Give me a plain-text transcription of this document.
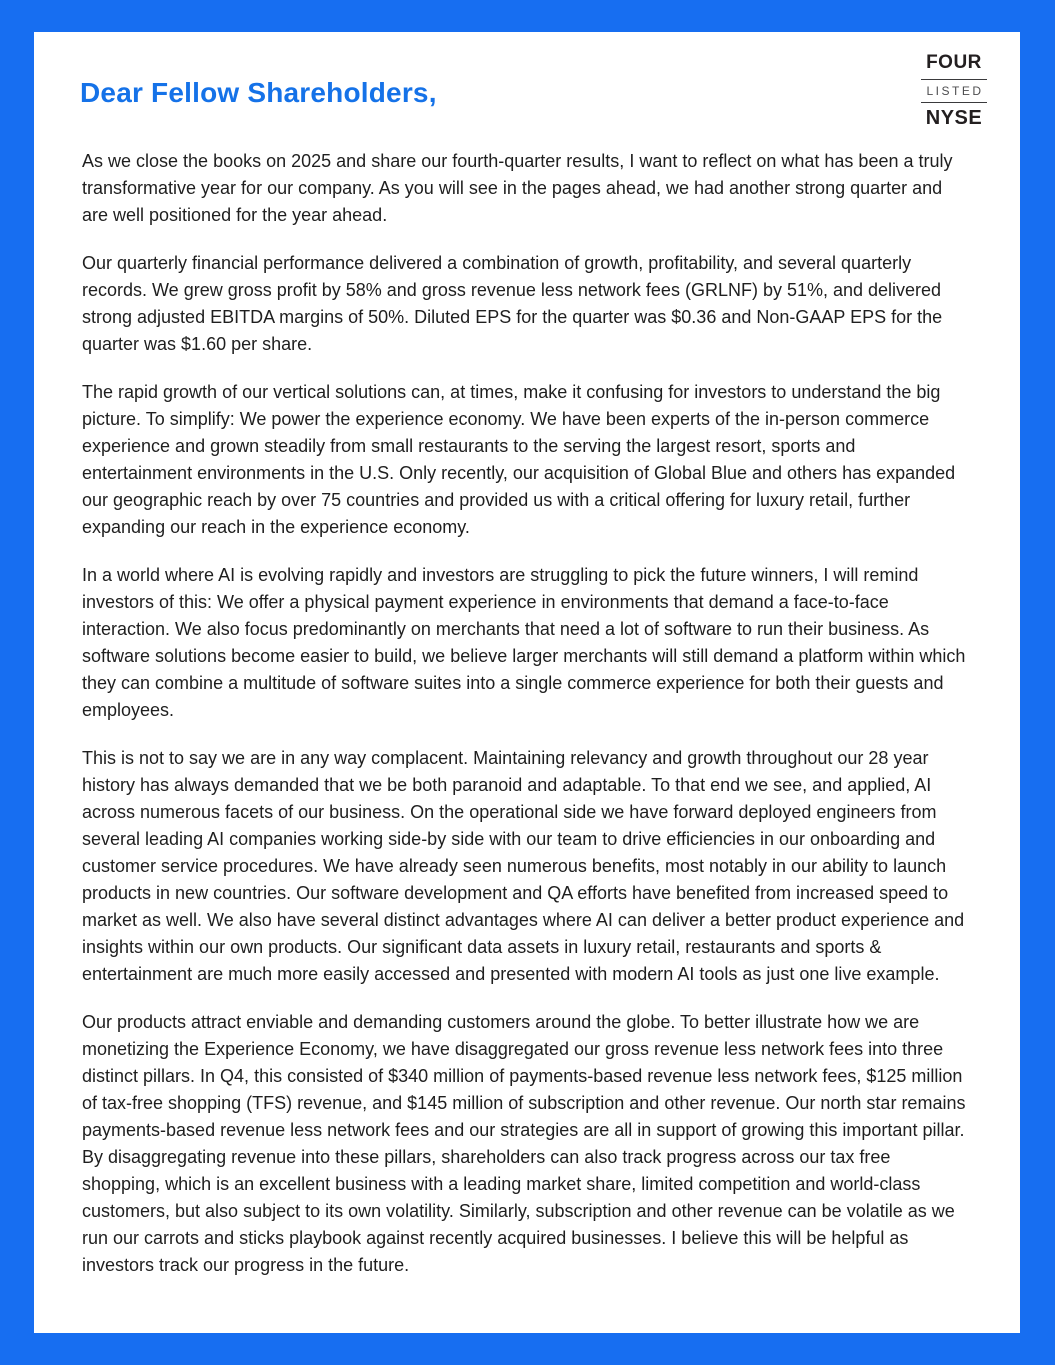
Dear Fellow Shareholders,
FOUR
LISTED
NYSE

As we close the books on 2025 and share our fourth-quarter results, I want to reflect on what has been a truly transformative year for our company. As you will see in the pages ahead, we had another strong quarter and are well positioned for the year ahead.

Our quarterly financial performance delivered a combination of growth, profitability, and several quarterly records. We grew gross profit by 58% and gross revenue less network fees (GRLNF) by 51%, and delivered strong adjusted EBITDA margins of 50%. Diluted EPS for the quarter was $0.36 and Non-GAAP EPS for the quarter was $1.60 per share.

The rapid growth of our vertical solutions can, at times, make it confusing for investors to understand the big picture. To simplify: We power the experience economy. We have been experts of the in-person commerce experience and grown steadily from small restaurants to the serving the largest resort, sports and entertainment environments in the U.S. Only recently, our acquisition of Global Blue and others has expanded our geographic reach by over 75 countries and provided us with a critical offering for luxury retail, further expanding our reach in the experience economy.

In a world where AI is evolving rapidly and investors are struggling to pick the future winners, I will remind investors of this: We offer a physical payment experience in environments that demand a face-to-face interaction. We also focus predominantly on merchants that need a lot of software to run their business. As software solutions become easier to build, we believe larger merchants will still demand a platform within which they can combine a multitude of software suites into a single commerce experience for both their guests and employees.

This is not to say we are in any way complacent. Maintaining relevancy and growth throughout our 28 year history has always demanded that we be both paranoid and adaptable. To that end we see, and applied, AI across numerous facets of our business. On the operational side we have forward deployed engineers from several leading AI companies working side-by side with our team to drive efficiencies in our onboarding and customer service procedures. We have already seen numerous benefits, most notably in our ability to launch products in new countries. Our software development and QA efforts have benefited from increased speed to market as well. We also have several distinct advantages where AI can deliver a better product experience and insights within our own products. Our significant data assets in luxury retail, restaurants and sports & entertainment are much more easily accessed and presented with modern AI tools as just one live example.

Our products attract enviable and demanding customers around the globe. To better illustrate how we are monetizing the Experience Economy, we have disaggregated our gross revenue less network fees into three distinct pillars. In Q4, this consisted of $340 million of payments-based revenue less network fees, $125 million of tax-free shopping (TFS) revenue, and $145 million of subscription and other revenue. Our north star remains payments-based revenue less network fees and our strategies are all in support of growing this important pillar. By disaggregating revenue into these pillars, shareholders can also track progress across our tax free shopping, which is an excellent business with a leading market share, limited competition and world-class customers, but also subject to its own volatility. Similarly, subscription and other revenue can be volatile as we run our carrots and sticks playbook against recently acquired businesses. I believe this will be helpful as investors track our progress in the future.
